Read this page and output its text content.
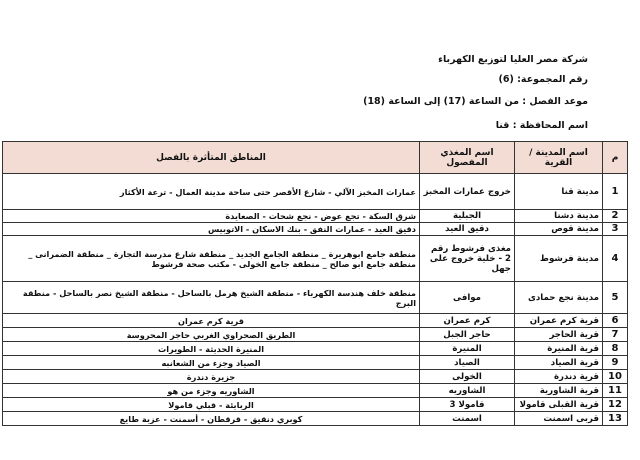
شركة مصر العليا لتوزيع الكهرباء
رقم المجموعة: (6)
موعد الفصل : من الساعة (17) إلى الساعة (18)
اسم المحافظة : قنا
م	اسم المدينة / القرية	اسم المغذي المفصول	المناطق المتأثرة بالفصل
1	مدينة قنا	خروج عمارات المخبز	عمارات المخبز الآلي - شارع الأقصر حتى ساحة مدينة العمال - ترعة الأكثار
2	مدينة دشنا	الجبلية	شرق السكة - تجع عوض - نجع شحات - الصعايدة
3	مدينة قوص	دقيق العيد	دقيق العيد - عمارات النفق - بنك الاسكان - الاتوبيس
4	مدينة فرشوط	مغذى فرشوط رقم 2 - خلية خروج على جهل	منطقة جامع ابوهريرة _ منطقة الجامع الجديد _ منطقة شارع مدرسة التجارة _ منطقة الضمرانى _ منطقة جامع ابو صالح _ منطقة جامع الخولى - مكتب صحة فرشوط
5	مدينة نجع حمادى	موافى	منطقة خلف هندسة الكهرباء - منطقة الشيخ هرمل بالساحل - منطقة الشيخ نصر بالساحل - منطقة البرج
6	قرية كرم عمران	كرم عمران	قرية كرم عمران
7	قرية الحاجر	حاجر الجبل	الطريق الصحراوي الغربي حاجر المحروسة
8	قرية المنيرة	المنيرة	المنيرة الحديثة - الطويرات
9	قرية الصياد	الصياد	الصياد وجزء من الشعانبه
10	قرية دندرة	الخولى	جزيرة دندرة
11	قرية الشاورية	الشاوريه	الشاوريه وجزء من هو
12	قرية القبلى قامولا	قامولا 3	الربايئة - قبلي قامولا
13	قربى اسمنت	اسمنت	كوبري دنقيق - قرقطان - أسمنت - عزبة طايع
